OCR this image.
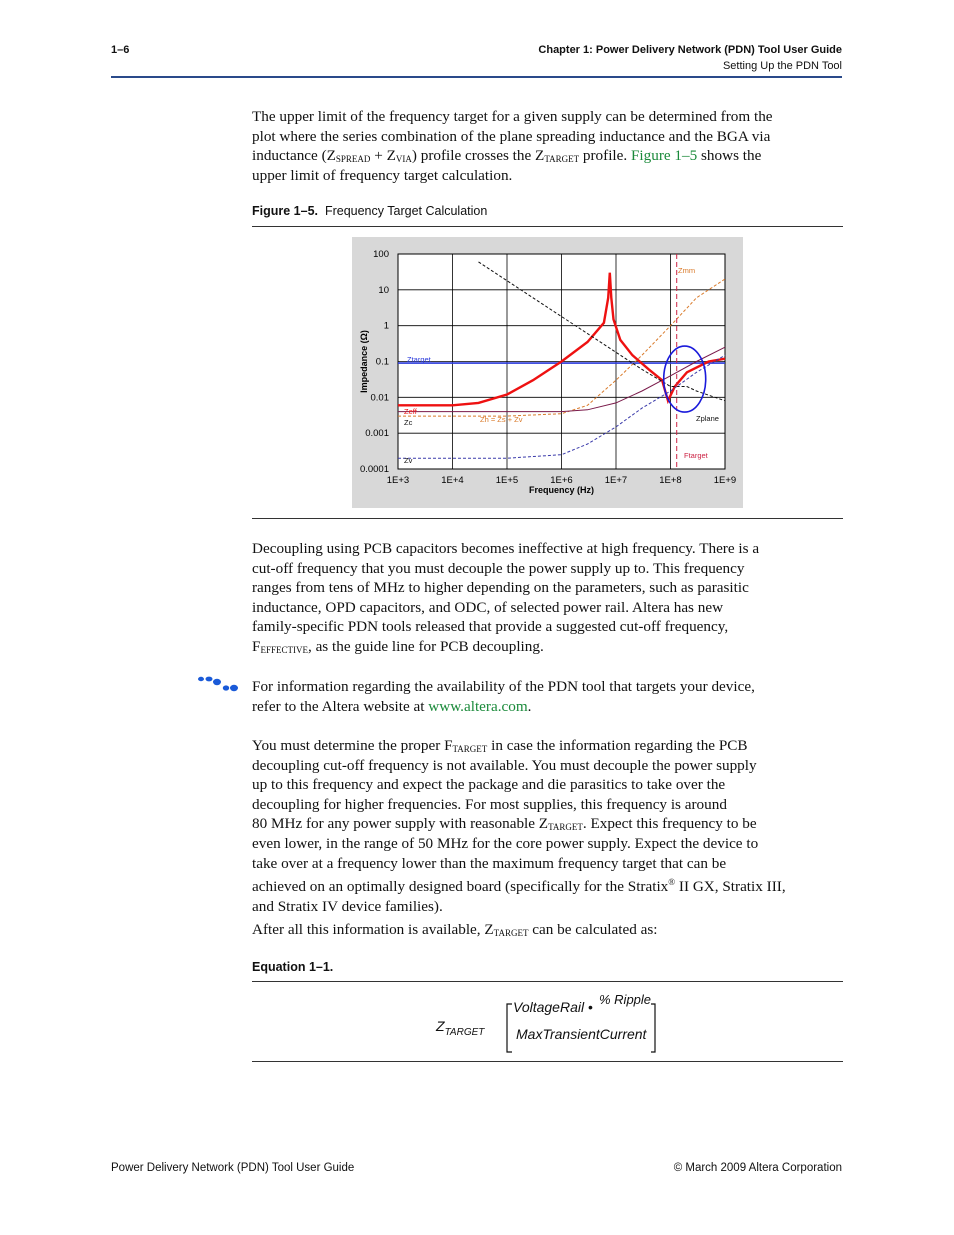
1–6	Chapter 1: Power Delivery Network (PDN) Tool User Guide
Setting Up the PDN Tool
The upper limit of the frequency target for a given supply can be determined from the
plot where the series combination of the plane spreading inductance and the BGA via
inductance $(Z_{SPREAD} + Z_{VIA})$ profile crosses the $Z_{TARGET}$ profile. Figure 1–5 shows the
upper limit of frequency target calculation.
Figure 1–5. Frequency Target Calculation
1E+3	1E+4	1E+5	1E+6	1E+7	1E+8	1E+9
100
10
1
0.1
0.01
0.001
0.0001
Frequency (Hz)
Impedance (Ω)	Ztarget
Zeff
Zc	Zh = Zs + Zv
Zv
Zmm
Zplane
Ftarget
Decoupling using PCB capacitors becomes ineffective at high frequency. There is a
cut-off frequency that you must decouple the power supply up to. This frequency
ranges from tens of MHz to higher depending on the parameters, such as parasitic
inductance, OPD capacitors, and ODC, of selected power rail. Altera has new
family-specific PDN tools released that provide a suggested cut-off frequency,
$F_{EFFECTIVE}$, as the guide line for PCB decoupling.
For information regarding the availability of the PDN tool that targets your device,
refer to the Altera website at www.altera.com.
You must determine the proper $F_{TARGET}$ in case the information regarding the PCB
decoupling cut-off frequency is not available. You must decouple the power supply
up to this frequency and expect the package and die parasitics to take over the
decoupling for higher frequencies. For most supplies, this frequency is around
80 MHz for any power supply with reasonable $Z_{TARGET}$. Expect this frequency to be
even lower, in the range of 50 MHz for the core power supply. Expect the device to
take over at a frequency lower than the maximum frequency target that can be
achieved on an optimally designed board (specifically for the Stratix® II GX, Stratix III,
and Stratix IV device families).
After all this information is available, $Z_{TARGET}$ can be calculated as:
Equation 1–1.
$Z_{TARGET}$
VoltageRail • % Ripple
MaxTransientCurrent
Power Delivery Network (PDN) Tool User Guide	© March 2009 Altera Corporation
